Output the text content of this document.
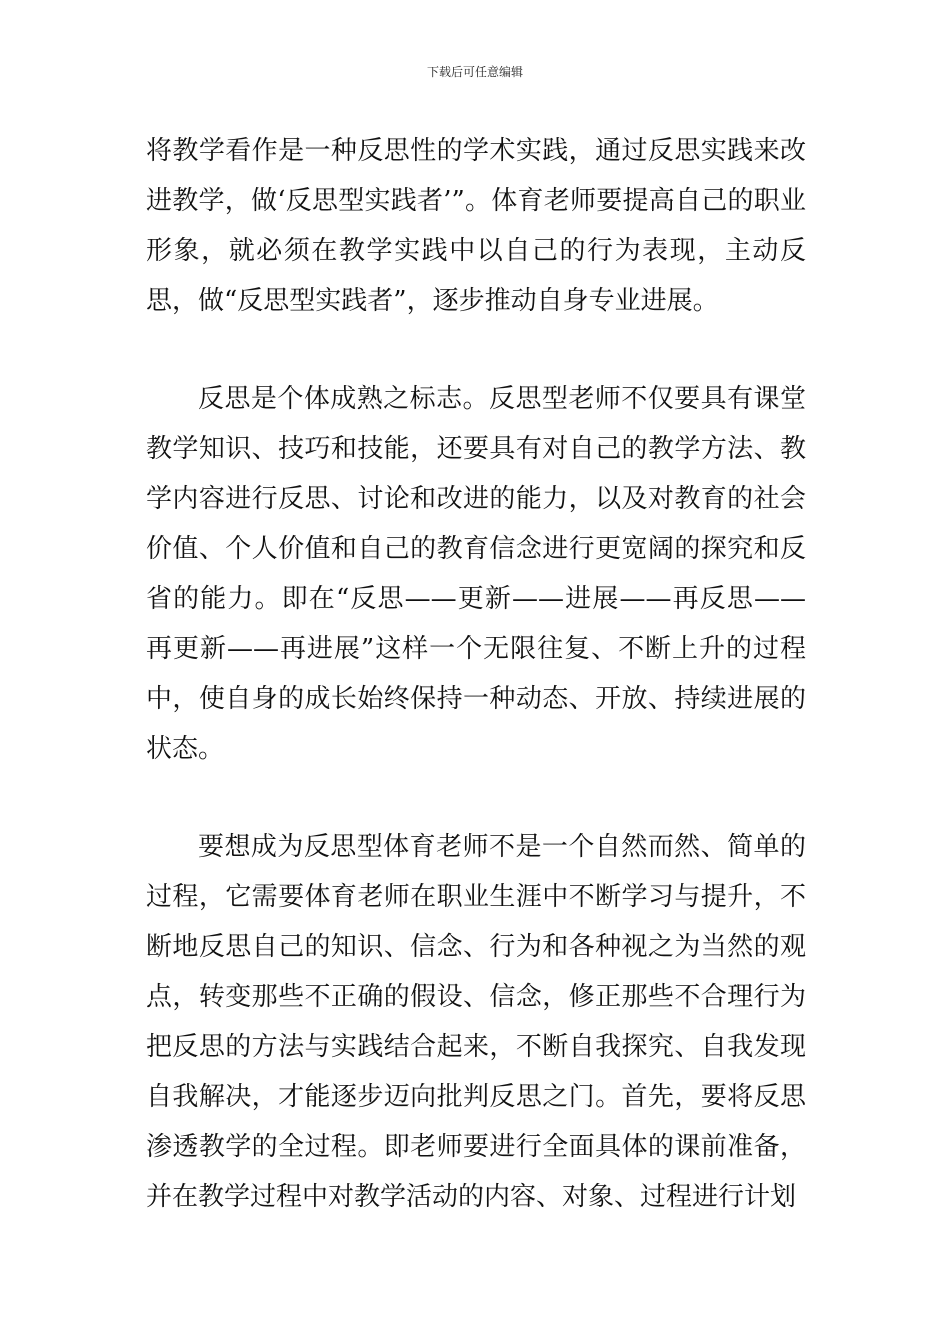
下载后可任意编辑

将教学看作是一种反思性的学术实践，通过反思实践来改进教学，做‘反思型实践者’”。体育老师要提高自己的职业形象，就必须在教学实践中以自己的行为表现，主动反思，做“反思型实践者”，逐步推动自身专业进展。

反思是个体成熟之标志。反思型老师不仅要具有课堂教学知识、技巧和技能，还要具有对自己的教学方法、教学内容进行反思、讨论和改进的能力，以及对教育的社会价值、个人价值和自己的教育信念进行更宽阔的探究和反省的能力。即在“反思——更新——进展——再反思——再更新——再进展”这样一个无限往复、不断上升的过程中，使自身的成长始终保持一种动态、开放、持续进展的状态。

要想成为反思型体育老师不是一个自然而然、简单的过程，它需要体育老师在职业生涯中不断学习与提升，不断地反思自己的知识、信念、行为和各种视之为当然的观点，转变那些不正确的假设、信念，修正那些不合理行为把反思的方法与实践结合起来，不断自我探究、自我发现自我解决，才能逐步迈向批判反思之门。首先，要将反思渗透教学的全过程。即老师要进行全面具体的课前准备，并在教学过程中对教学活动的内容、对象、过程进行计划
